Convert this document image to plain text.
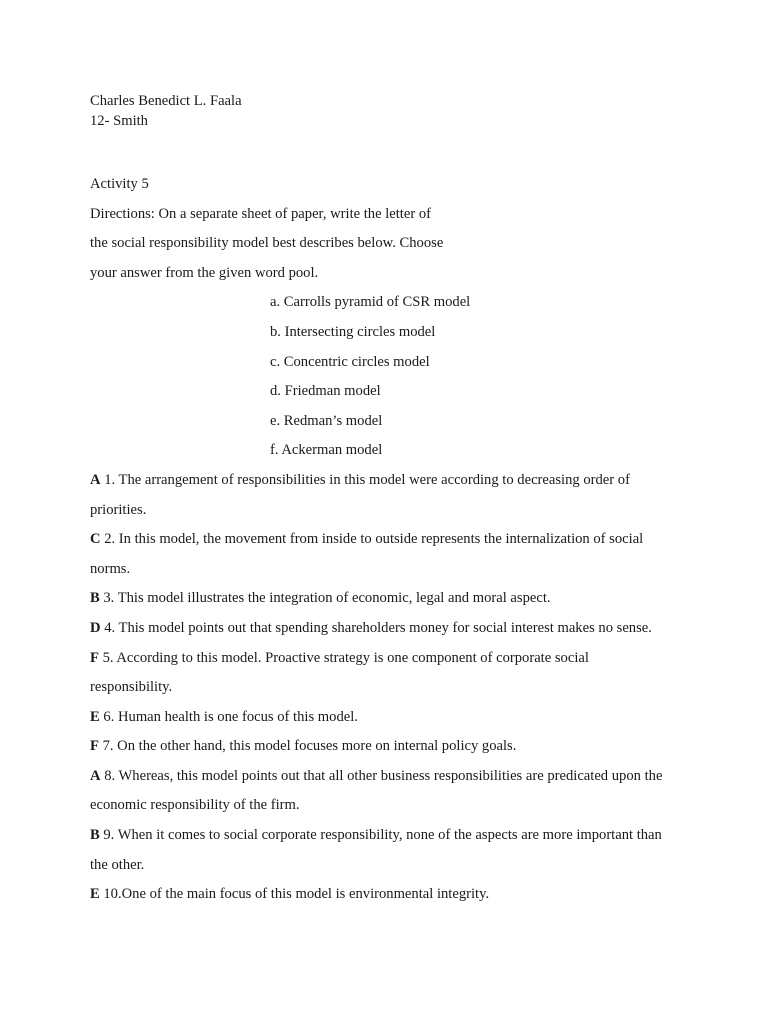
Charles Benedict L. Faala
12- Smith
Activity 5
Directions: On a separate sheet of paper, write the letter of
the social responsibility model best describes below. Choose
your answer from the given word pool.
a. Carrolls pyramid of CSR model
b. Intersecting circles model
c. Concentric circles model
d. Friedman model
e. Redman’s model
f. Ackerman model
A 1. The arrangement of responsibilities in this model were according to decreasing order of priorities.
C 2. In this model, the movement from inside to outside represents the internalization of social norms.
B 3. This model illustrates the integration of economic, legal and moral aspect.
D 4. This model points out that spending shareholders money for social interest makes no sense.
F 5. According to this model. Proactive strategy is one component of corporate social responsibility.
E 6. Human health is one focus of this model.
F 7. On the other hand, this model focuses more on internal policy goals.
A 8. Whereas, this model points out that all other business responsibilities are predicated upon the economic responsibility of the firm.
B 9. When it comes to social corporate responsibility, none of the aspects are more important than the other.
E 10.One of the main focus of this model is environmental integrity.
